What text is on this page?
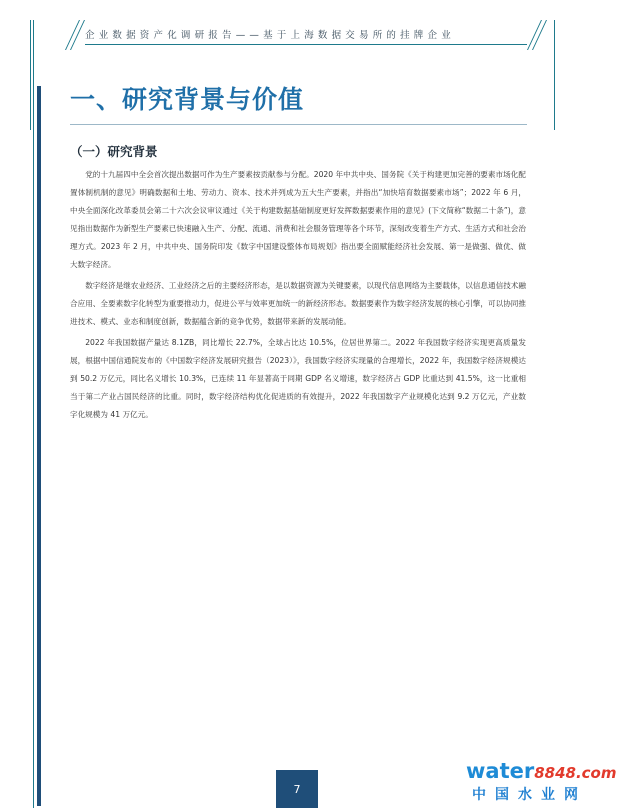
企业数据资产化调研报告——基于上海数据交易所的挂牌企业
一、研究背景与价值
（一）研究背景

党的十九届四中全会首次提出数据可作为生产要素按贡献参与分配。2020 年中共中央、国务院《关于构建更加完善的要素市场化配置体制机制的意见》明确数据和土地、劳动力、资本、技术并列成为五大生产要素，并指出“加快培育数据要素市场”；2022 年 6 月，中央全面深化改革委员会第二十六次会议审议通过《关于构建数据基础制度更好发挥数据要素作用的意见》(下文简称“数据二十条”)，意见指出数据作为新型生产要素已快速融入生产、分配、流通、消费和社会服务管理等各个环节，深刻改变着生产方式、生活方式和社会治理方式。2023 年 2 月，中共中央、国务院印发《数字中国建设整体布局规划》指出要全面赋能经济社会发展、第一是做强、做优、做大数字经济。

数字经济是继农业经济、工业经济之后的主要经济形态，是以数据资源为关键要素，以现代信息网络为主要载体，以信息通信技术融合应用、全要素数字化转型为重要推动力，促进公平与效率更加统一的新经济形态。数据要素作为数字经济发展的核心引擎，可以协同推进技术、模式、业态和制度创新，数据蕴含新的竞争优势，数据带来新的发展动能。

2022 年我国数据产量达 8.1ZB，同比增长 22.7%，全球占比达 10.5%，位居世界第二。2022 年我国数字经济实现更高质量发展，根据中国信通院发布的《中国数字经济发展研究报告（2023）》，我国数字经济实现量的合理增长，2022 年，我国数字经济规模达到 50.2 万亿元，同比名义增长 10.3%，已连续 11 年显著高于同期 GDP 名义增速，数字经济占 GDP 比重达到 41.5%，这一比重相当于第二产业占国民经济的比重。同时，数字经济结构优化促进质的有效提升，2022 年我国数字产业规模化达到 9.2 万亿元，产业数字化规模为 41 万亿元。

7
water8848.com
中国水业网
